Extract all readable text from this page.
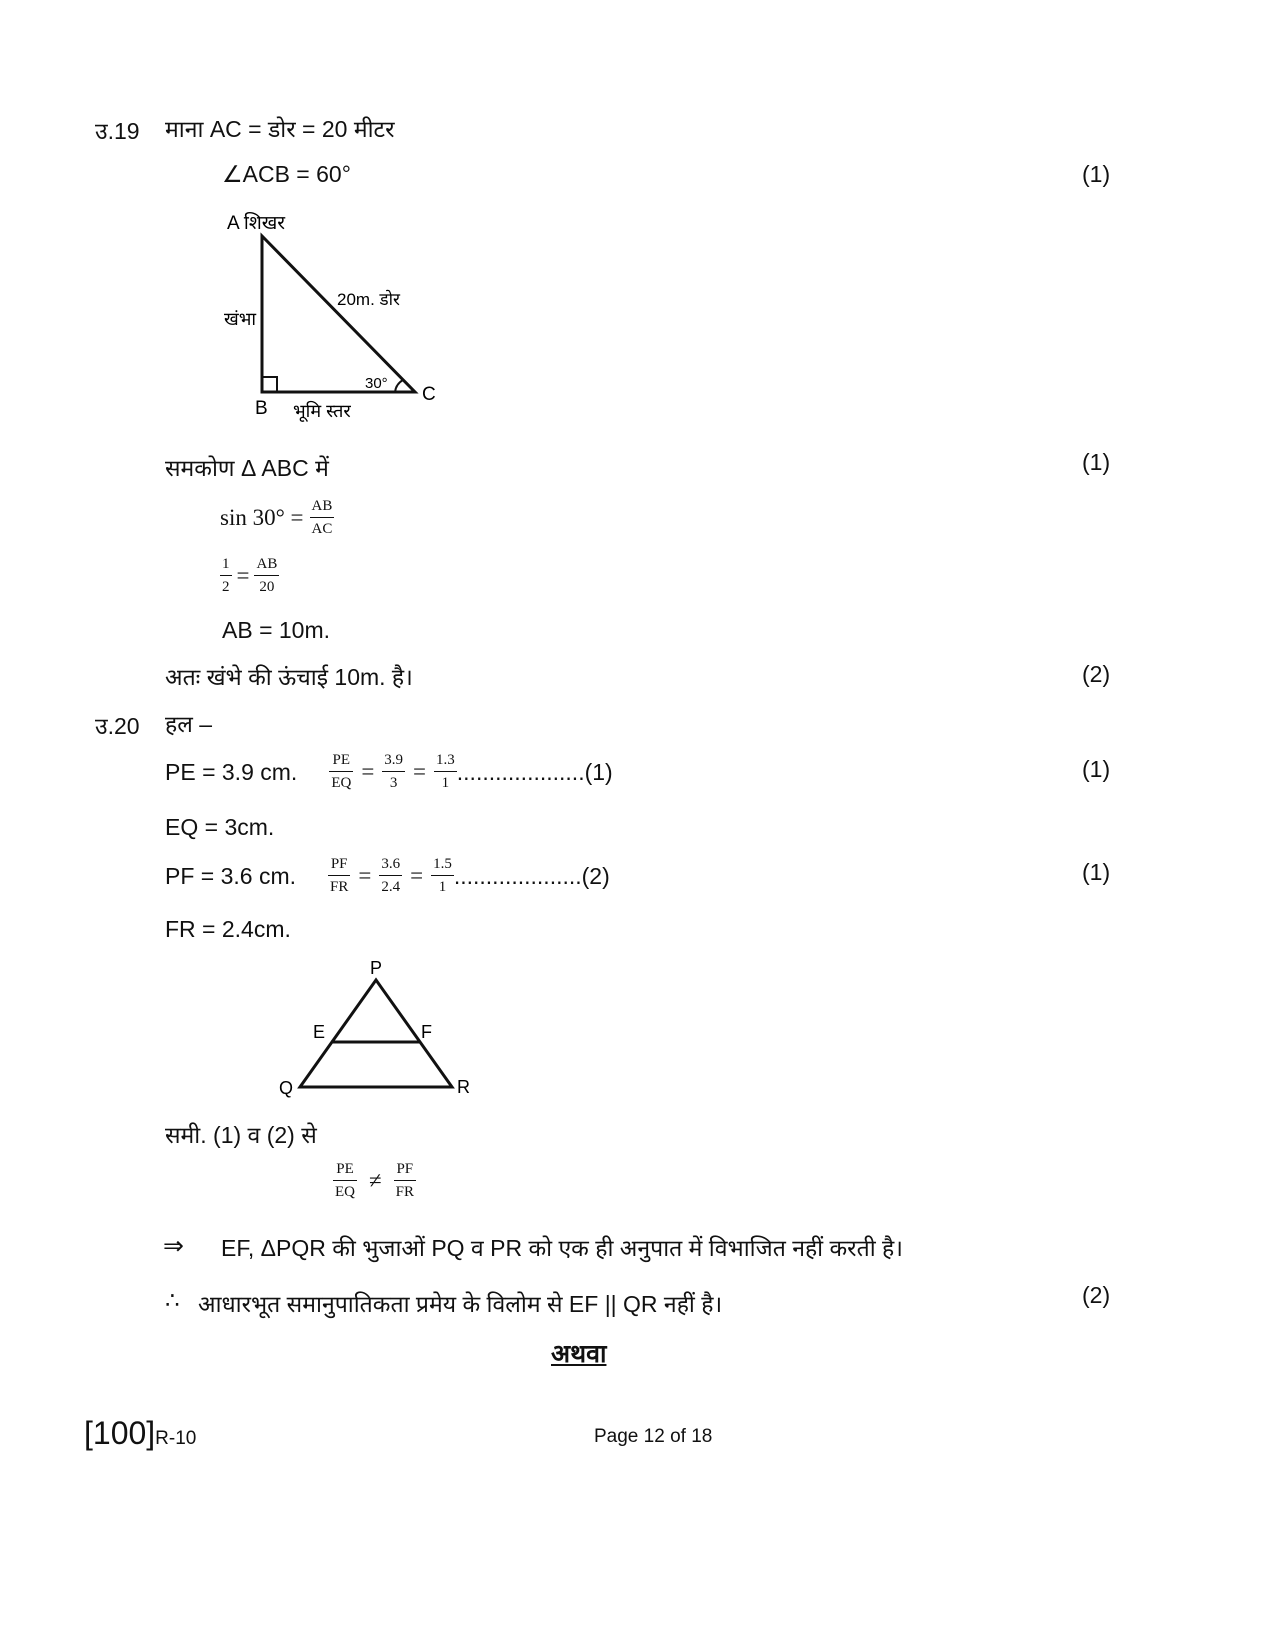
उ.19 माना AC = डोर = 20 मीटर
∠ACB = 60°	(1)
A शिखर
खंभा
20m. डोर
30°
B
C
भूमि स्तर
समकोण Δ ABC में	(1)
$\sin 30^\circ = \frac{AB}{AC}$
$\frac{1}{2} = \frac{AB}{20}$
AB = 10m.
अतः खंभे की ऊंचाई 10m. है।	(2)
उ.20 हल –
PE = 3.9 cm. $\frac{PE}{EQ} = \frac{3.9}{3} = \frac{1.3}{1} ....................(1)$	(1)
EQ = 3cm.
PF = 3.6 cm. $\frac{PF}{FR} = \frac{3.6}{2.4} = \frac{1.5}{1} ....................(2)$	(1)
FR = 2.4cm.
P
E	F
Q	R
समी. (1) व (2) से
$\frac{PE}{EQ} \ne \frac{PF}{FR}$
⇒ EF, ΔPQR की भुजाओं PQ व PR को एक ही अनुपात में विभाजित नहीं करती है।
∴ आधारभूत समानुपातिकता प्रमेय के विलोम से EF || QR नहीं है।	(2)
अथवा
[100]R-10	Page 12 of 18
